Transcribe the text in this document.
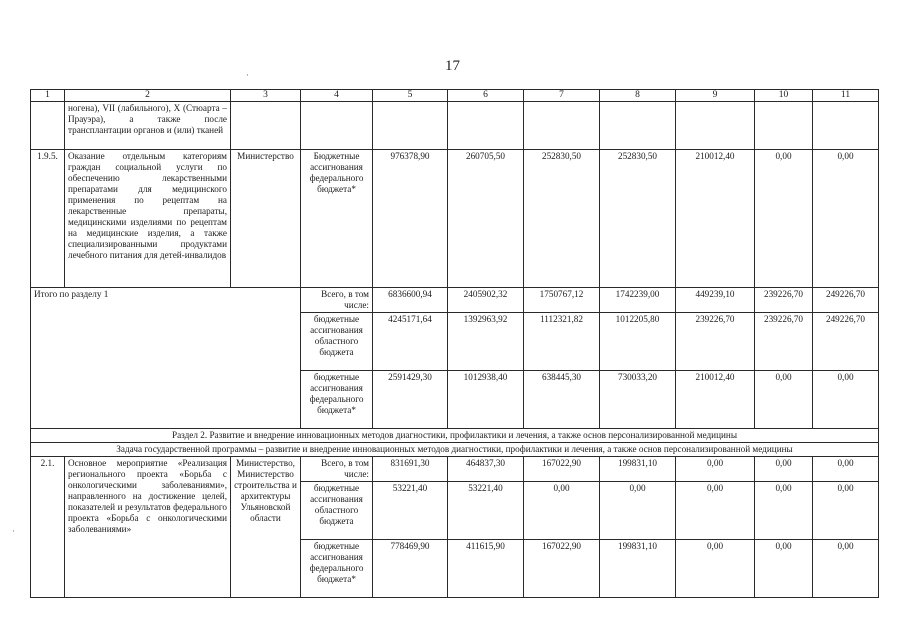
17
·
·
1	2	3	4	5	6	7	8	9	10	11
	ногена), VII (лабильного), X (Стюарта – Прауэра), а также после трансплантации органов и (или) тканей									
1.9.5.	Оказание отдельным категориям граждан социальной услуги по обеспечению лекарственными препаратами для медицинского применения по рецептам на лекарственные препараты, медицинскими изделиями по рецептам на медицинские изделия, а также специализированными продуктами лечебного питания для детей-инвалидов	Министерство	Бюджетные ассигнования федерального бюджета*	976378,90	260705,50	252830,50	252830,50	210012,40	0,00	0,00
Итого по разделу 1			Всего, в том числе:	6836600,94	2405902,32	1750767,12	1742239,00	449239,10	239226,70	249226,70
			бюджетные ассигнования областного бюджета	4245171,64	1392963,92	1112321,82	1012205,80	239226,70	239226,70	249226,70
			бюджетные ассигнования федерального бюджета*	2591429,30	1012938,40	638445,30	730033,20	210012,40	0,00	0,00
Раздел 2. Развитие и внедрение инновационных методов диагностики, профилактики и лечения, а также основ персонализированной медицины										
Задача государственной программы – развитие и внедрение инновационных методов диагностики, профилактики и лечения, а также основ персонализированной медицины										
2.1.	Основное мероприятие «Реализация регионального проекта «Борьба с онкологическими заболеваниями», направленного на достижение целей, показателей и результатов федерального проекта «Борьба с онкологическими заболеваниями»	Министерство, Министерство строительства и архитектуры Ульяновской области	Всего, в том числе:	831691,30	464837,30	167022,90	199831,10	0,00	0,00	0,00
			бюджетные ассигнования областного бюджета	53221,40	53221,40	0,00	0,00	0,00	0,00	0,00
			бюджетные ассигнования федерального бюджета*	778469,90	411615,90	167022,90	199831,10	0,00	0,00	0,00
